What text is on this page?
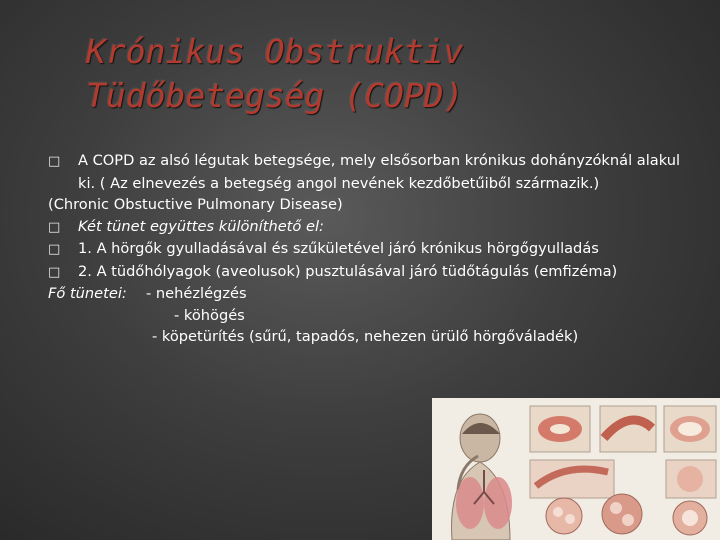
Krónikus Obstruktiv Tüdőbetegség (COPD)
□ A COPD az alsó légutak betegsége, mely elsősorban krónikus dohányzóknál alakul
ki. ( Az elnevezés a betegség angol nevének kezdőbetűiből származik.)
(Chronic Obstuctive Pulmonary Disease)
□ Két tünet együttes különíthető el:
□ 1. A hörgők gyulladásával és szűkületével járó krónikus hörgőgyulladás
□ 2. A tüdőhólyagok (aveolusok) pusztulásával járó tüdőtágulás (emfizéma)
Fő tünetei: - nehézlégzés
- köhögés
- köpetürítés (sűrű, tapadós, nehezen ürülő hörgőváladék)
